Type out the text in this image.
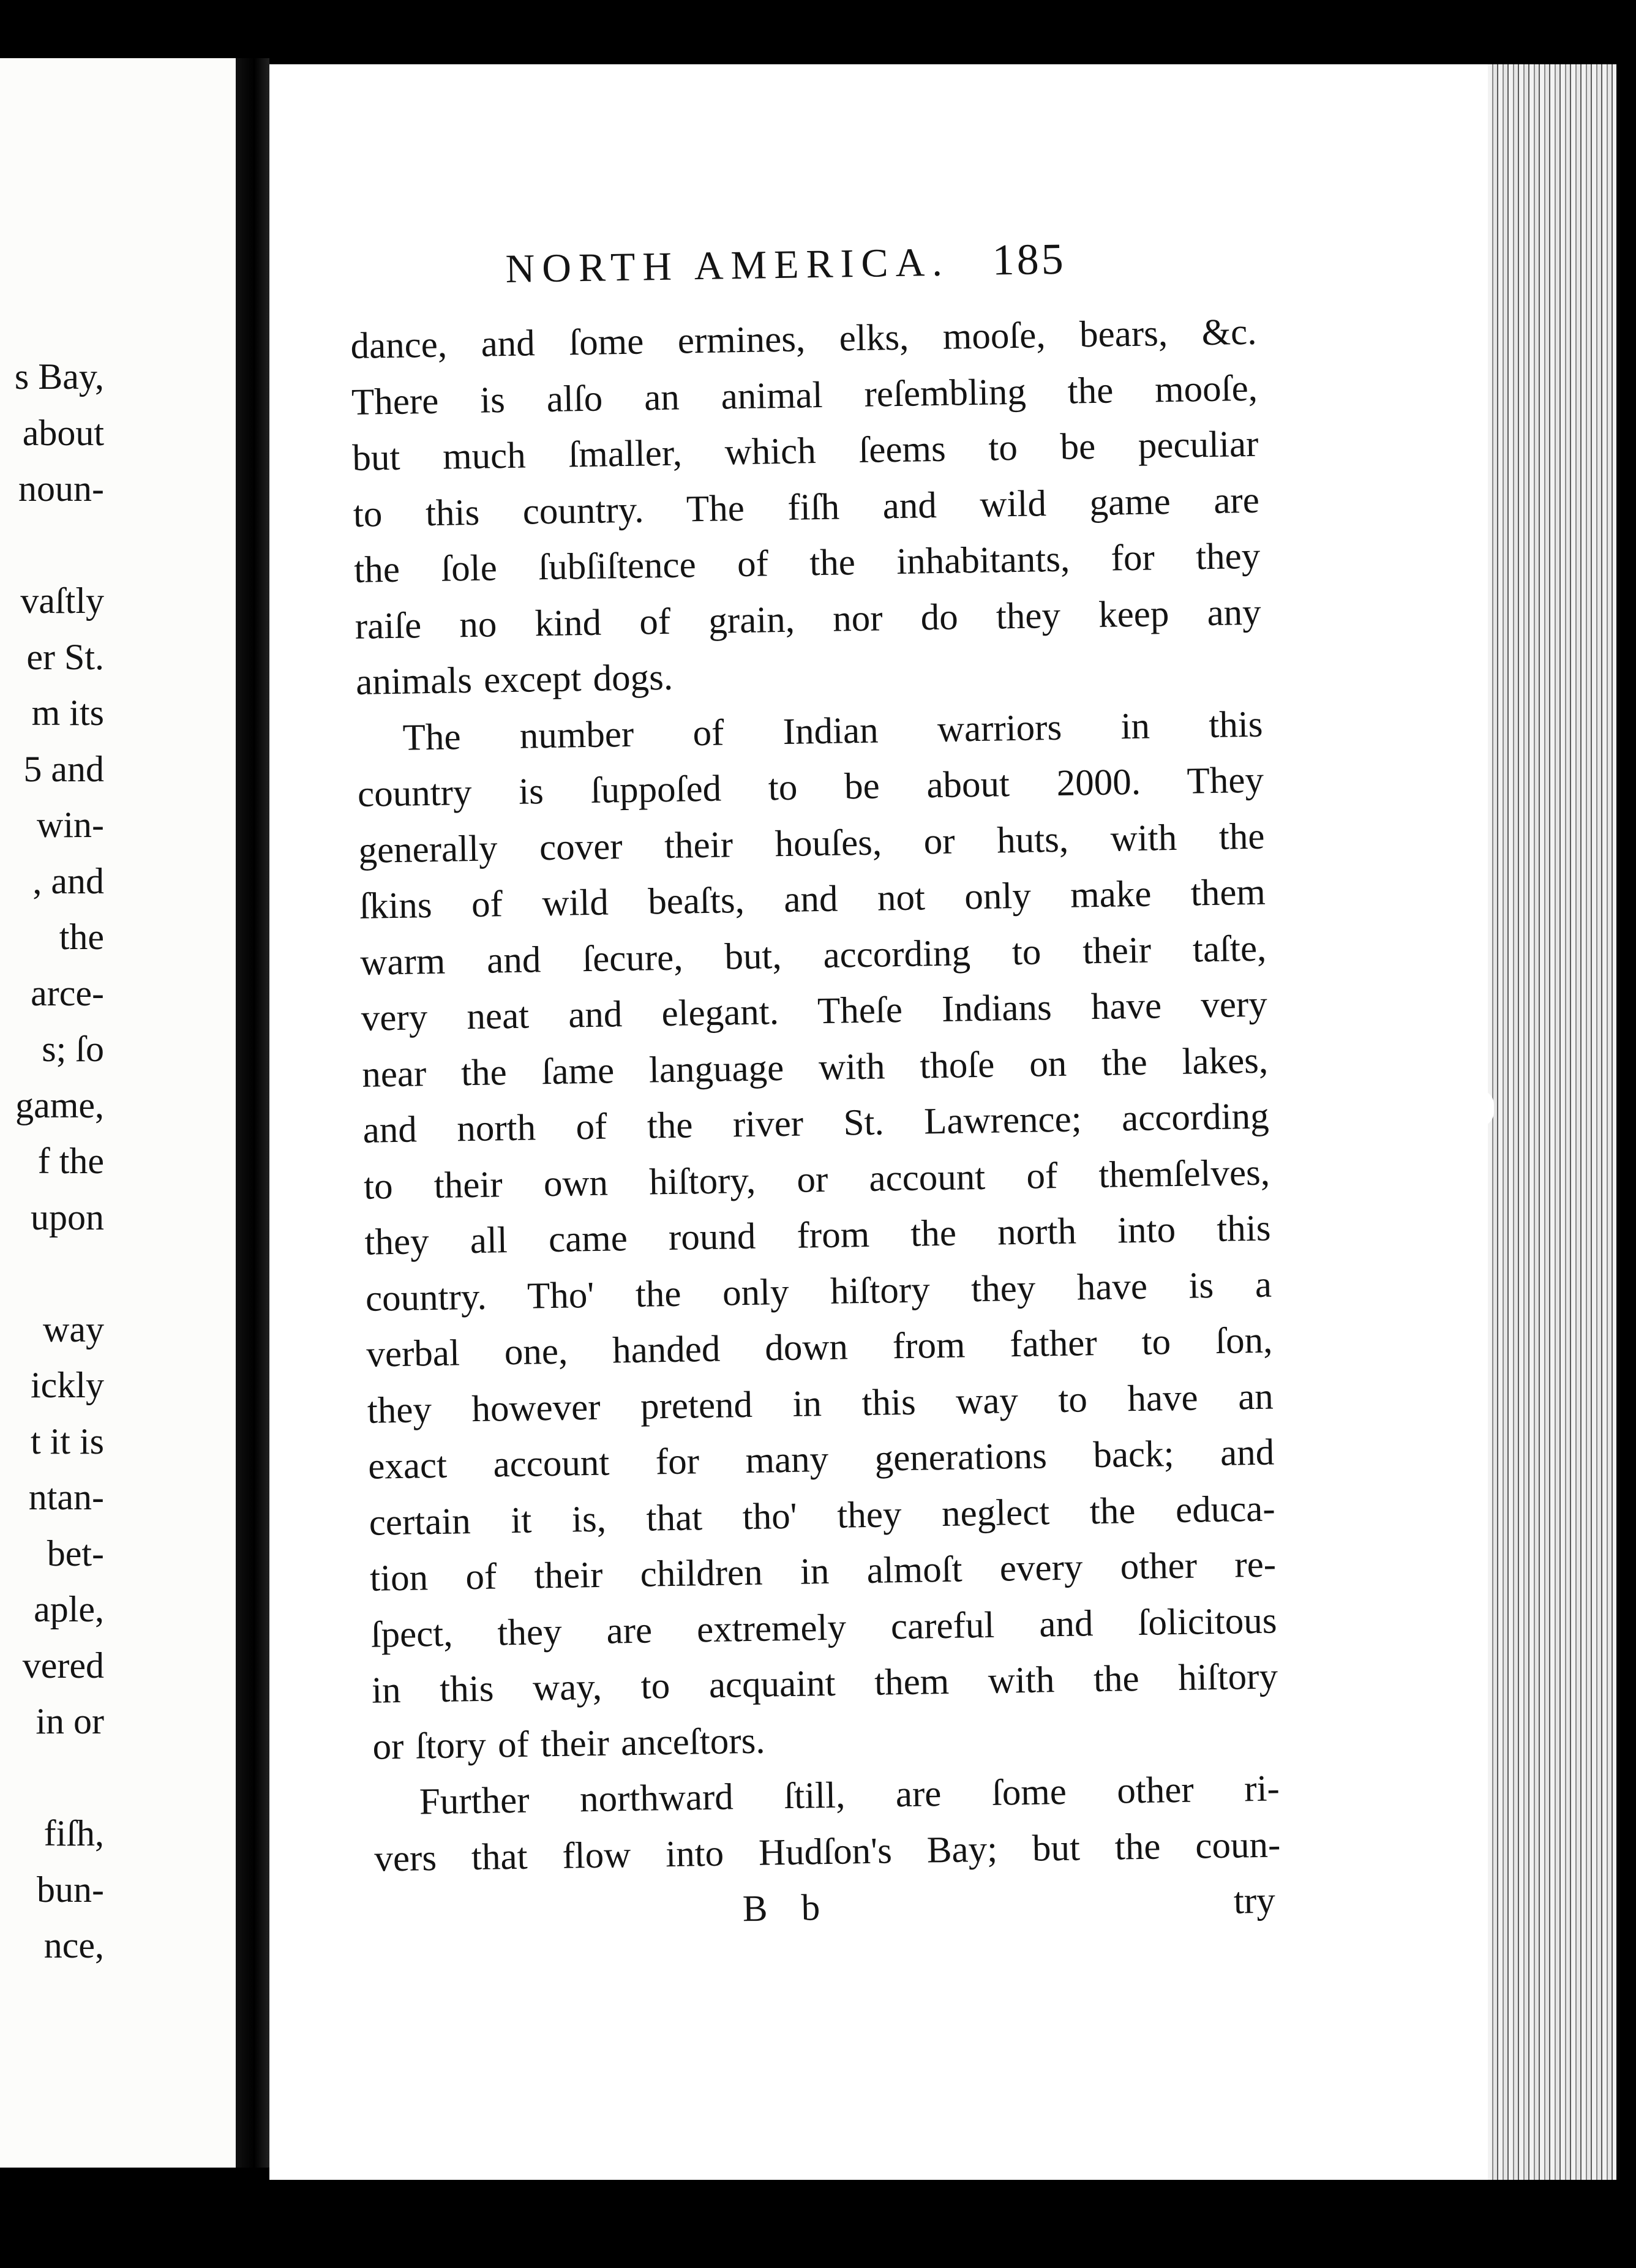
s Bay,
about
noun-
vaſtly
er St.
m its
5 and
win-
, and
the
arce-
s; ſo
game,
f the
upon
way
ickly
t it is
ntan-
bet-
aple,
vered
in or
fiſh,
bun-
nce,
NORTH AMERICA. 185
dance, and ſome ermines, elks, mooſe, bears, &c.
There is alſo an animal reſembling the mooſe,
but much ſmaller, which ſeems to be peculiar
to this country. The fiſh and wild game are
the ſole ſubſiſtence of the inhabitants, for they
raiſe no kind of grain, nor do they keep any
animals except dogs.
The number of Indian warriors in this
country is ſuppoſed to be about 2000. They
generally cover their houſes, or huts, with the
ſkins of wild beaſts, and not only make them
warm and ſecure, but, according to their taſte,
very neat and elegant. Theſe Indians have very
near the ſame language with thoſe on the lakes,
and north of the river St. Lawrence; according
to their own hiſtory, or account of themſelves,
they all came round from the north into this
country. Tho' the only hiſtory they have is a
verbal one, handed down from father to ſon,
they however pretend in this way to have an
exact account for many generations back; and
certain it is, that tho' they neglect the educa-
tion of their children in almoſt every other re-
ſpect, they are extremely careful and ſolicitous
in this way, to acquaint them with the hiſtory
or ſtory of their anceſtors.
Further northward ſtill, are ſome other ri-
vers that flow into Hudſon's Bay; but the coun-
B b	try
